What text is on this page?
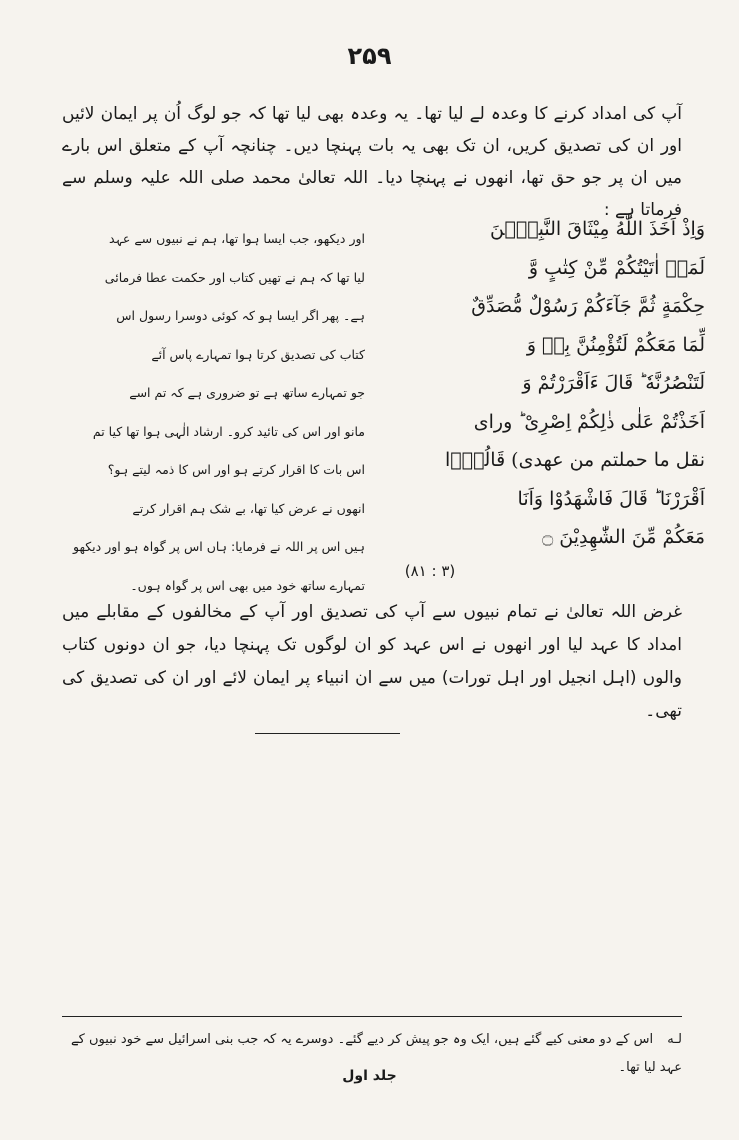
۲۵۹
آپ کی امداد کرنے کا وعدہ لے لیا تھا۔ یہ وعدہ بھی لیا تھا کہ جو لوگ اُن پر ایمان لائیں اور ان کی تصدیق کریں، ان تک بھی یہ بات پہنچا دیں۔ چنانچہ آپ کے متعلق اس بارے میں ان پر جو حق تھا، انھوں نے پہنچا دیا۔ اللہ تعالیٰ محمد صلی اللہ علیہ وسلم سے فرماتا ہے :
وَاِذْ اَخَذَ اللّٰهُ مِيْثَاقَ النَّبِيّٖنَ
لَمَاۤ اٰتَيْتُكُمْ مِّنْ كِتٰبٍ وَّ
حِكْمَةٍ ثُمَّ جَآءَكُمْ رَسُوْلٌ مُّصَدِّقٌ
لِّمَا مَعَكُمْ لَتُؤْمِنُنَّ بِهٖ وَ
لَتَنْصُرُنَّهٗ ؕ قَالَ ءَاَقْرَرْتُمْ وَ
اَخَذْتُمْ عَلٰى ذٰلِكُمْ اِصْرِىْ ؕ ورای
نقل ما حملتم من عهدی) قَالُوْۤا
اَقْرَرْنَا ؕ قَالَ فَاشْهَدُوْا وَاَنَا
مَعَكُمْ مِّنَ الشّٰهِدِيْنَ ۝
(۳ : ۸۱)
اور دیکھو، جب ایسا ہوا تھا، ہم نے نبیوں سے عہد
لیا تھا کہ ہم نے تھیں کتاب اور حکمت عطا فرمائی
ہے۔ پھر اگر ایسا ہو کہ کوئی دوسرا رسول اس
کتاب کی تصدیق کرتا ہوا تمہارے پاس آئے
جو تمہارے ساتھ ہے تو ضروری ہے کہ تم اسے
مانو اور اس کی تائید کرو۔ ارشاد الٰہی ہوا تھا کیا تم
اس بات کا اقرار کرتے ہو اور اس کا ذمہ لیتے ہو؟
انھوں نے عرض کیا تھا، بے شک ہم اقرار کرتے
ہیں اس پر اللہ نے فرمایا: ہاں اس پر گواہ ہو اور دیکھو
تمہارے ساتھ خود میں بھی اس پر گواہ ہوں۔
غرض اللہ تعالیٰ نے تمام نبیوں سے آپ کی تصدیق اور آپ کے مخالفوں کے مقابلے میں امداد کا عہد لیا اور انھوں نے اس عہد کو ان لوگوں تک پہنچا دیا، جو ان دونوں کتاب والوں (اہل انجیل اور اہل تورات) میں سے ان انبیاء پر ایمان لائے اور ان کی تصدیق کی تھی۔
لـه اس کے دو معنی کیے گئے ہیں، ایک وہ جو پیش کر دیے گئے۔ دوسرے یہ کہ جب بنی اسرائیل سے خود نبیوں کے عہد لیا تھا۔
جلد اول
